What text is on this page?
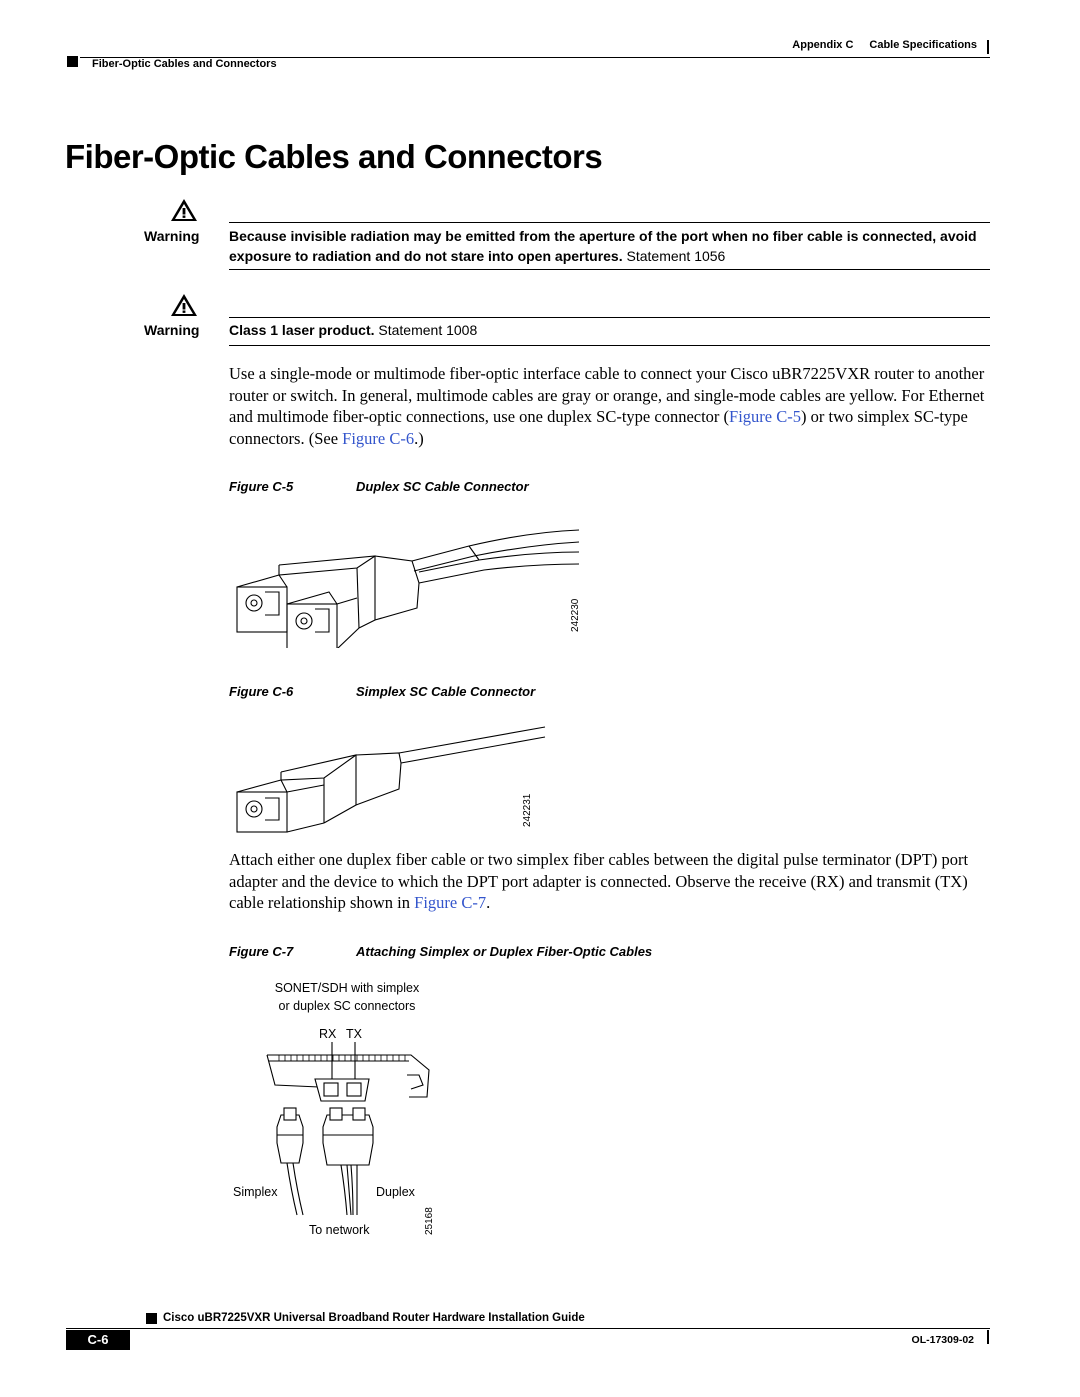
Appendix C Cable Specifications
Fiber-Optic Cables and Connectors
Fiber-Optic Cables and Connectors
Warning Because invisible radiation may be emitted from the aperture of the port when no fiber cable is connected, avoid exposure to radiation and do not stare into open apertures. Statement 1056
Warning Class 1 laser product. Statement 1008
Use a single-mode or multimode fiber-optic interface cable to connect your Cisco uBR7225VXR router to another router or switch. In general, multimode cables are gray or orange, and single-mode cables are yellow. For Ethernet and multimode fiber-optic connections, use one duplex SC-type connector (Figure C-5) or two simplex SC-type connectors. (See Figure C-6.)
Figure C-5	Duplex SC Cable Connector
242230
Figure C-6	Simplex SC Cable Connector
242231
Attach either one duplex fiber cable or two simplex fiber cables between the digital pulse terminator (DPT) port adapter and the device to which the DPT port adapter is connected. Observe the receive (RX) and transmit (TX) cable relationship shown in Figure C-7.
Figure C-7	Attaching Simplex or Duplex Fiber-Optic Cables
SONET/SDH with simplex
or duplex SC connectors
RX TX
Simplex	Duplex
To network	25168
Cisco uBR7225VXR Universal Broadband Router Hardware Installation Guide
C-6	OL-17309-02
